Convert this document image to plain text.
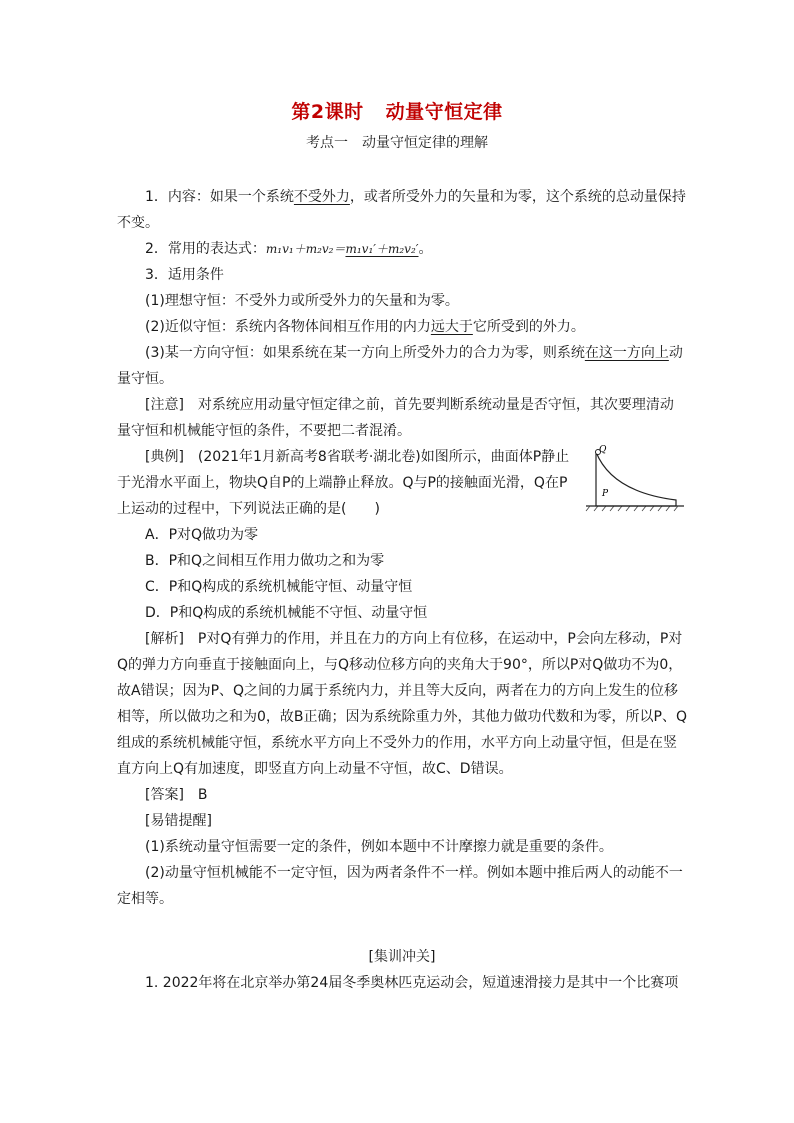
第2课时 动量守恒定律
考点一 动量守恒定律的理解

1．内容：如果一个系统不受外力，或者所受外力的矢量和为零，这个系统的总动量保持不变。

2．常用的表达式：m₁v₁＋m₂v₂＝m₁v₁′＋m₂v₂′。

3．适用条件

(1)理想守恒：不受外力或所受外力的矢量和为零。

(2)近似守恒：系统内各物体间相互作用的内力远大于它所受到的外力。

(3)某一方向守恒：如果系统在某一方向上所受外力的合力为零，则系统在这一方向上动量守恒。

[注意]　对系统应用动量守恒定律之前，首先要判断系统动量是否守恒，其次要理清动量守恒和机械能守恒的条件，不要把二者混淆。

[典例]　(2021年1月新高考8省联考·湖北卷)如图所示，曲面体P静止于光滑水平面上，物块Q自P的上端静止释放。Q与P的接触面光滑，Q在P上运动的过程中，下列说法正确的是(　　)

Q
P

A．P对Q做功为零

B．P和Q之间相互作用力做功之和为零

C．P和Q构成的系统机械能守恒、动量守恒

D．P和Q构成的系统机械能不守恒、动量守恒

[解析]　P对Q有弹力的作用，并且在力的方向上有位移，在运动中，P会向左移动，P对Q的弹力方向垂直于接触面向上，与Q移动位移方向的夹角大于90°，所以P对Q做功不为0，故A错误；因为P、Q之间的力属于系统内力，并且等大反向，两者在力的方向上发生的位移相等，所以做功之和为0，故B正确；因为系统除重力外，其他力做功代数和为零，所以P、Q组成的系统机械能守恒，系统水平方向上不受外力的作用，水平方向上动量守恒，但是在竖直方向上Q有加速度，即竖直方向上动量不守恒，故C、D错误。

[答案]　B

[易错提醒]

(1)系统动量守恒需要一定的条件，例如本题中不计摩擦力就是重要的条件。

(2)动量守恒机械能不一定守恒，因为两者条件不一样。例如本题中推后两人的动能不一定相等。

[集训冲关]

1. 2022年将在北京举办第24届冬季奥林匹克运动会，短道速滑接力是其中一个比赛项
